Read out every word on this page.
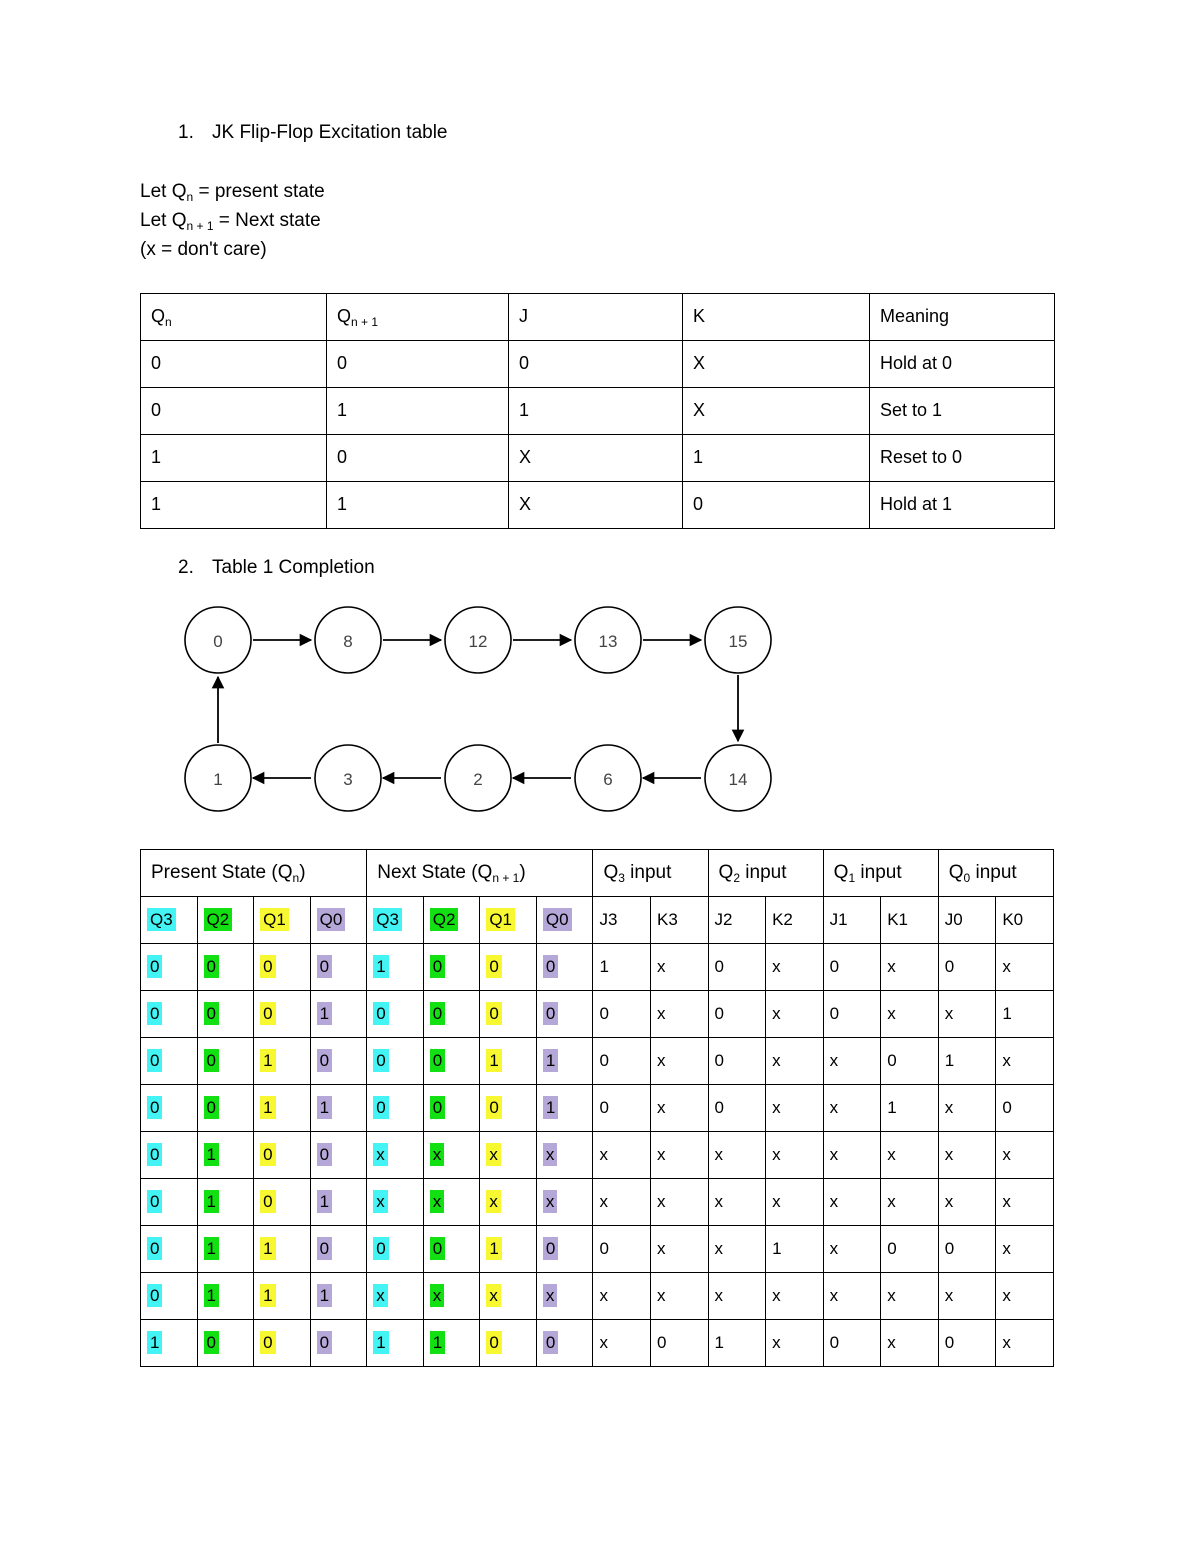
1. JK Flip-Flop Excitation table
Let $Q_n$ = present state
Let $Q_{n + 1}$ = Next state
(x = don't care)
$Q_n$	$Q_{n + 1}$	J	K	Meaning
0	0	0	X	Hold at 0
0	1	1	X	Set to 1
1	0	X	1	Reset to 0
1	1	X	0	Hold at 1
2. Table 1 Completion
0	8	12	13	15
1	3	2	6	14
Present State $(Q_n)$				Next State $(Q_{n + 1})$				$Q_3$ input		$Q_2$ input		$Q_1$ input		$Q_0$ input	
Q3	Q2	Q1	Q0	Q3	Q2	Q1	Q0	J3	K3	J2	K2	J1	K1	J0	K0
0	0	0	0	1	0	0	0	1	x	0	x	0	x	0	x
0	0	0	1	0	0	0	0	0	x	0	x	0	x	x	1
0	0	1	0	0	0	1	1	0	x	0	x	x	0	1	x
0	0	1	1	0	0	0	1	0	x	0	x	x	1	x	0
0	1	0	0	x	x	x	x	x	x	x	x	x	x	x	x
0	1	0	1	x	x	x	x	x	x	x	x	x	x	x	x
0	1	1	0	0	0	1	0	0	x	x	1	x	0	0	x
0	1	1	1	x	x	x	x	x	x	x	x	x	x	x	x
1	0	0	0	1	1	0	0	x	0	1	x	0	x	0	x
